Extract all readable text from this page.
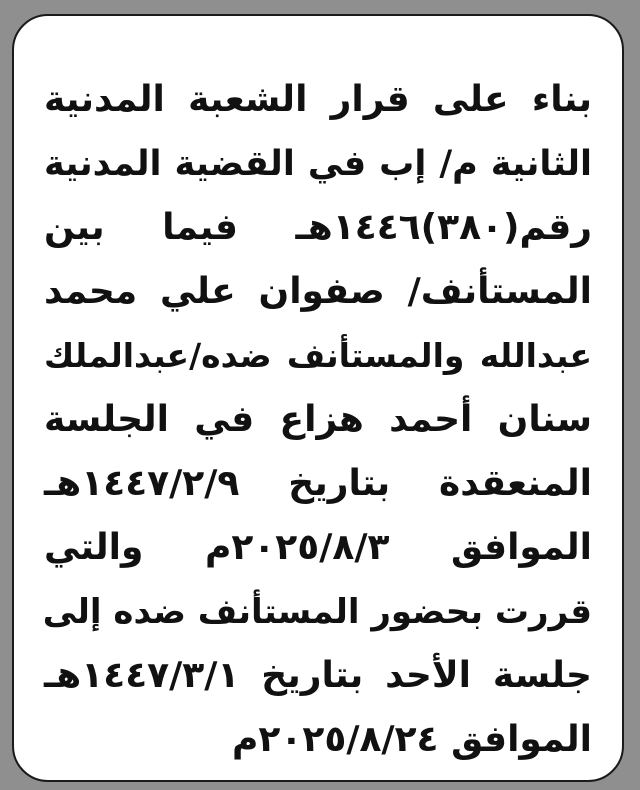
بناء على قرار الشعبة المدنية
الثانية م/ إب في القضية المدنية
رقم(٣٨٠)١٤٤٦هـ فيما بين
المستأنف/ صفوان علي محمد
عبدالله والمستأنف ضده/عبدالملك
سنان أحمد هزاع في الجلسة
المنعقدة بتاريخ ١٤٤٧/٢/٩هـ
الموافق ٢٠٢٥/٨/٣م والتي
قررت بحضور المستأنف ضده إلى
جلسة الأحد بتاريخ ١٤٤٧/٣/١هـ
الموافق ٢٠٢٥/٨/٢٤م
